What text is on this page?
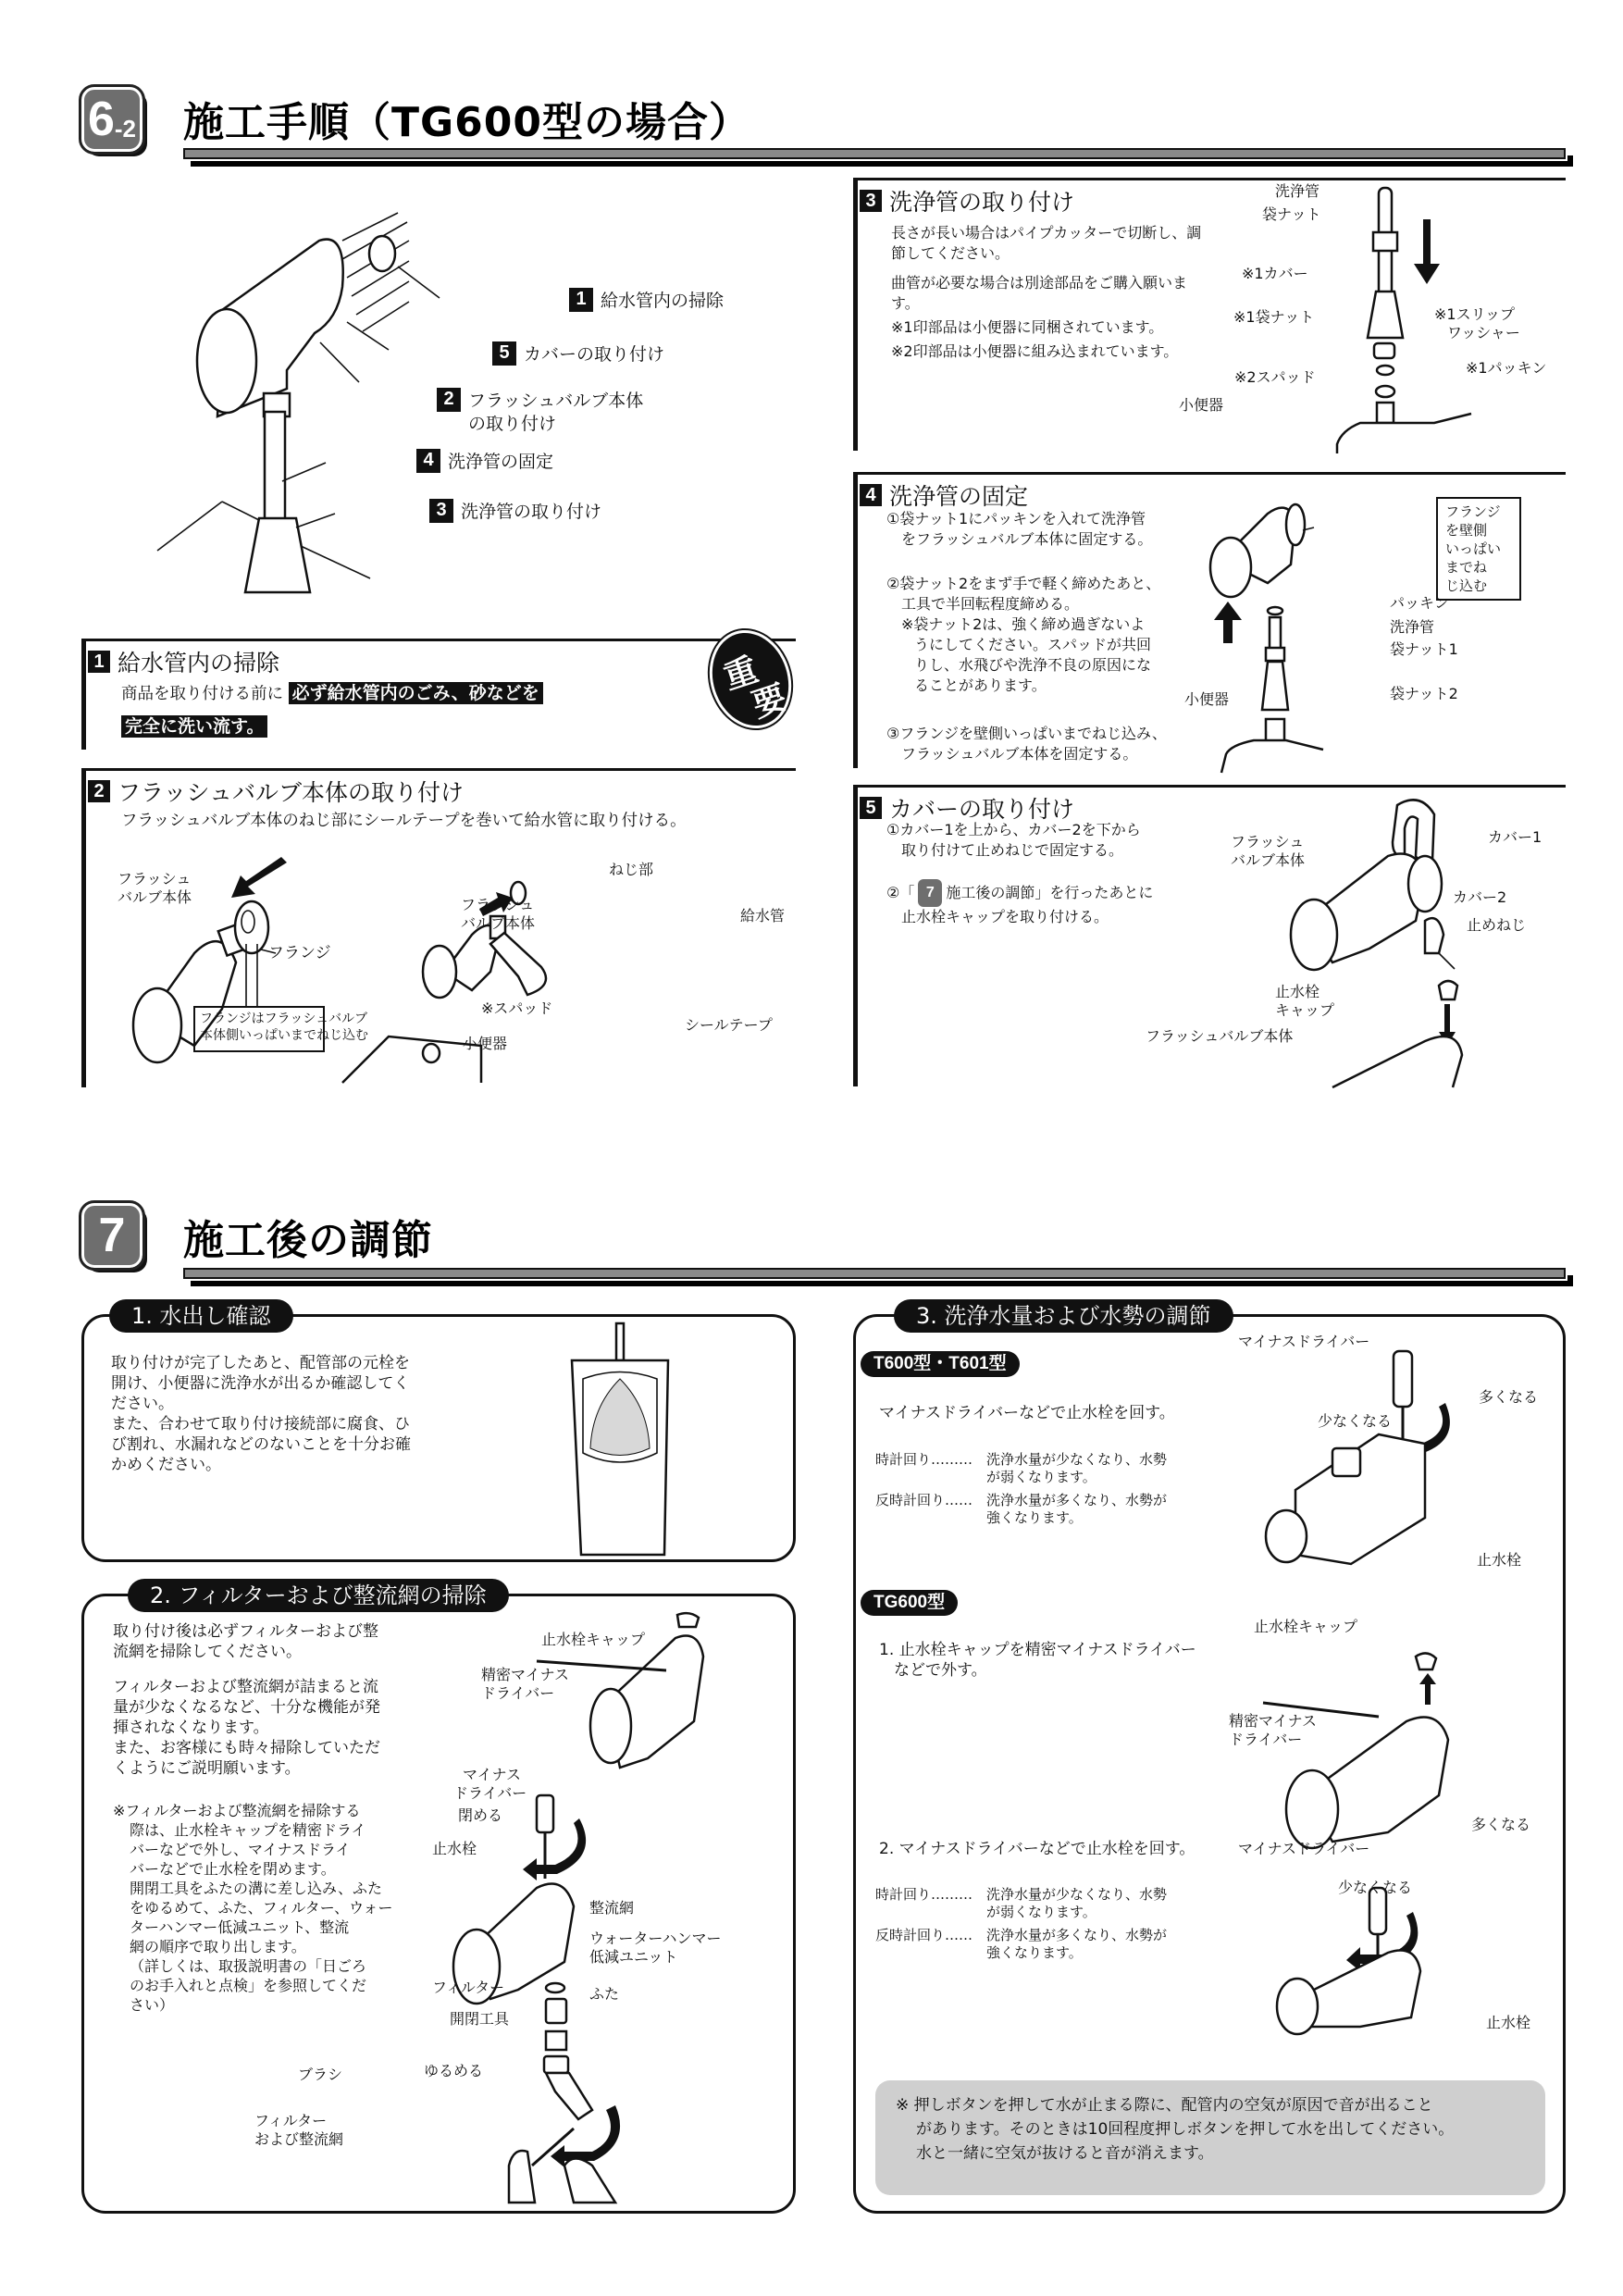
6 -2 施工手順（TG600型の場合）
1 給水管内の掃除
5 カバーの取り付け
2 フラッシュバルブ本体
の取り付け
4 洗浄管の固定
3 洗浄管の取り付け
1 給水管内の掃除
商品を取り付ける前に 必ず給水管内のごみ、砂などを
完全に洗い流す。
重
要
2 フラッシュバルブ本体の取り付け
フラッシュバルブ本体のねじ部にシールテープを巻いて給水管に取り付ける。
フラッシュ
バルブ本体
フランジ
フランジはフラッシュバルブ
本体側いっぱいまでねじ込む
ねじ部
フラッシュ
バルブ本体	給水管
※スパッド
小便器
シールテープ
3 洗浄管の取り付け
長さが長い場合はパイプカッターで切断し、調節してください。
曲管が必要な場合は別途部品をご購入願います。
※1印部品は小便器に同梱されています。
※2印部品は小便器に組み込まれています。
洗浄管
袋ナット
※1カバー
※1袋ナット	※1スリップ
ワッシャー
※1パッキン
※2スパッド
小便器
4 洗浄管の固定
①袋ナット1にパッキンを入れて洗浄管
をフラッシュバルブ本体に固定する。
②袋ナット2をまず手で軽く締めたあと、
工具で半回転程度締める。
※袋ナット2は、強く締め過ぎないよ
うにしてください。スパッドが共回
りし、水飛びや洗浄不良の原因にな
ることがあります。
③フランジを壁側いっぱいまでねじ込み、
フラッシュバルブ本体を固定する。
フランジを壁側
いっぱいまでね
じ込む
パッキン
洗浄管
袋ナット1
小便器	袋ナット2
5 カバーの取り付け
①カバー1を上から、カバー2を下から
取り付けて止めねじで固定する。
②「 7 施工後の調節」を行ったあとに
止水栓キャップを取り付ける。
フラッシュ
バルブ本体
カバー1
カバー2
止めねじ
止水栓
キャップ
フラッシュバルブ本体
7 施工後の調節
1. 水出し確認
取り付けが完了したあと、配管部の元栓を
開け、小便器に洗浄水が出るか確認してく
ださい。
また、合わせて取り付け接続部に腐食、ひ
び割れ、水漏れなどのないことを十分お確
かめください。
2. フィルターおよび整流網の掃除
取り付け後は必ずフィルターおよび整
流網を掃除してください。
フィルターおよび整流網が詰まると流
量が少なくなるなど、十分な機能が発
揮されなくなります。
また、お客様にも時々掃除していただ
くようにご説明願います。
※フィルターおよび整流網を掃除する
際は、止水栓キャップを精密ドライ
バーなどで外し、マイナスドライ
バーなどで止水栓を閉めます。
開閉工具をふたの溝に差し込み、ふた
をゆるめて、ふた、フィルター、ウォー
ターハンマー低減ユニット、整流
網の順序で取り出します。
（詳しくは、取扱説明書の「日ごろ
のお手入れと点検」を参照してくだ
さい）
止水栓キャップ
精密マイナス
ドライバー
マイナス
ドライバー
閉める
止水栓
整流網
ウォーターハンマー
低減ユニット
フィルター	ふた
開閉工具
ゆるめる
ブラシ
フィルター
および整流網
3. 洗浄水量および水勢の調節
T600型・T601型
マイナスドライバーなどで止水栓を回す。
時計回り……… 洗浄水量が少なくなり、水勢
が弱くなります。
反時計回り…… 洗浄水量が多くなり、水勢が
強くなります。
マイナスドライバー
多くなる
少なくなる
止水栓
TG600型
1. 止水栓キャップを精密マイナスドライバー
などで外す。
2. マイナスドライバーなどで止水栓を回す。
時計回り……… 洗浄水量が少なくなり、水勢
が弱くなります。
反時計回り…… 洗浄水量が多くなり、水勢が
強くなります。
止水栓キャップ
精密マイナス
ドライバー
マイナスドライバー
多くなる
少なくなる
止水栓
※ 押しボタンを押して水が止まる際に、配管内の空気が原因で音が出ること
があります。そのときは10回程度押しボタンを押して水を出してください。
水と一緒に空気が抜けると音が消えます。
